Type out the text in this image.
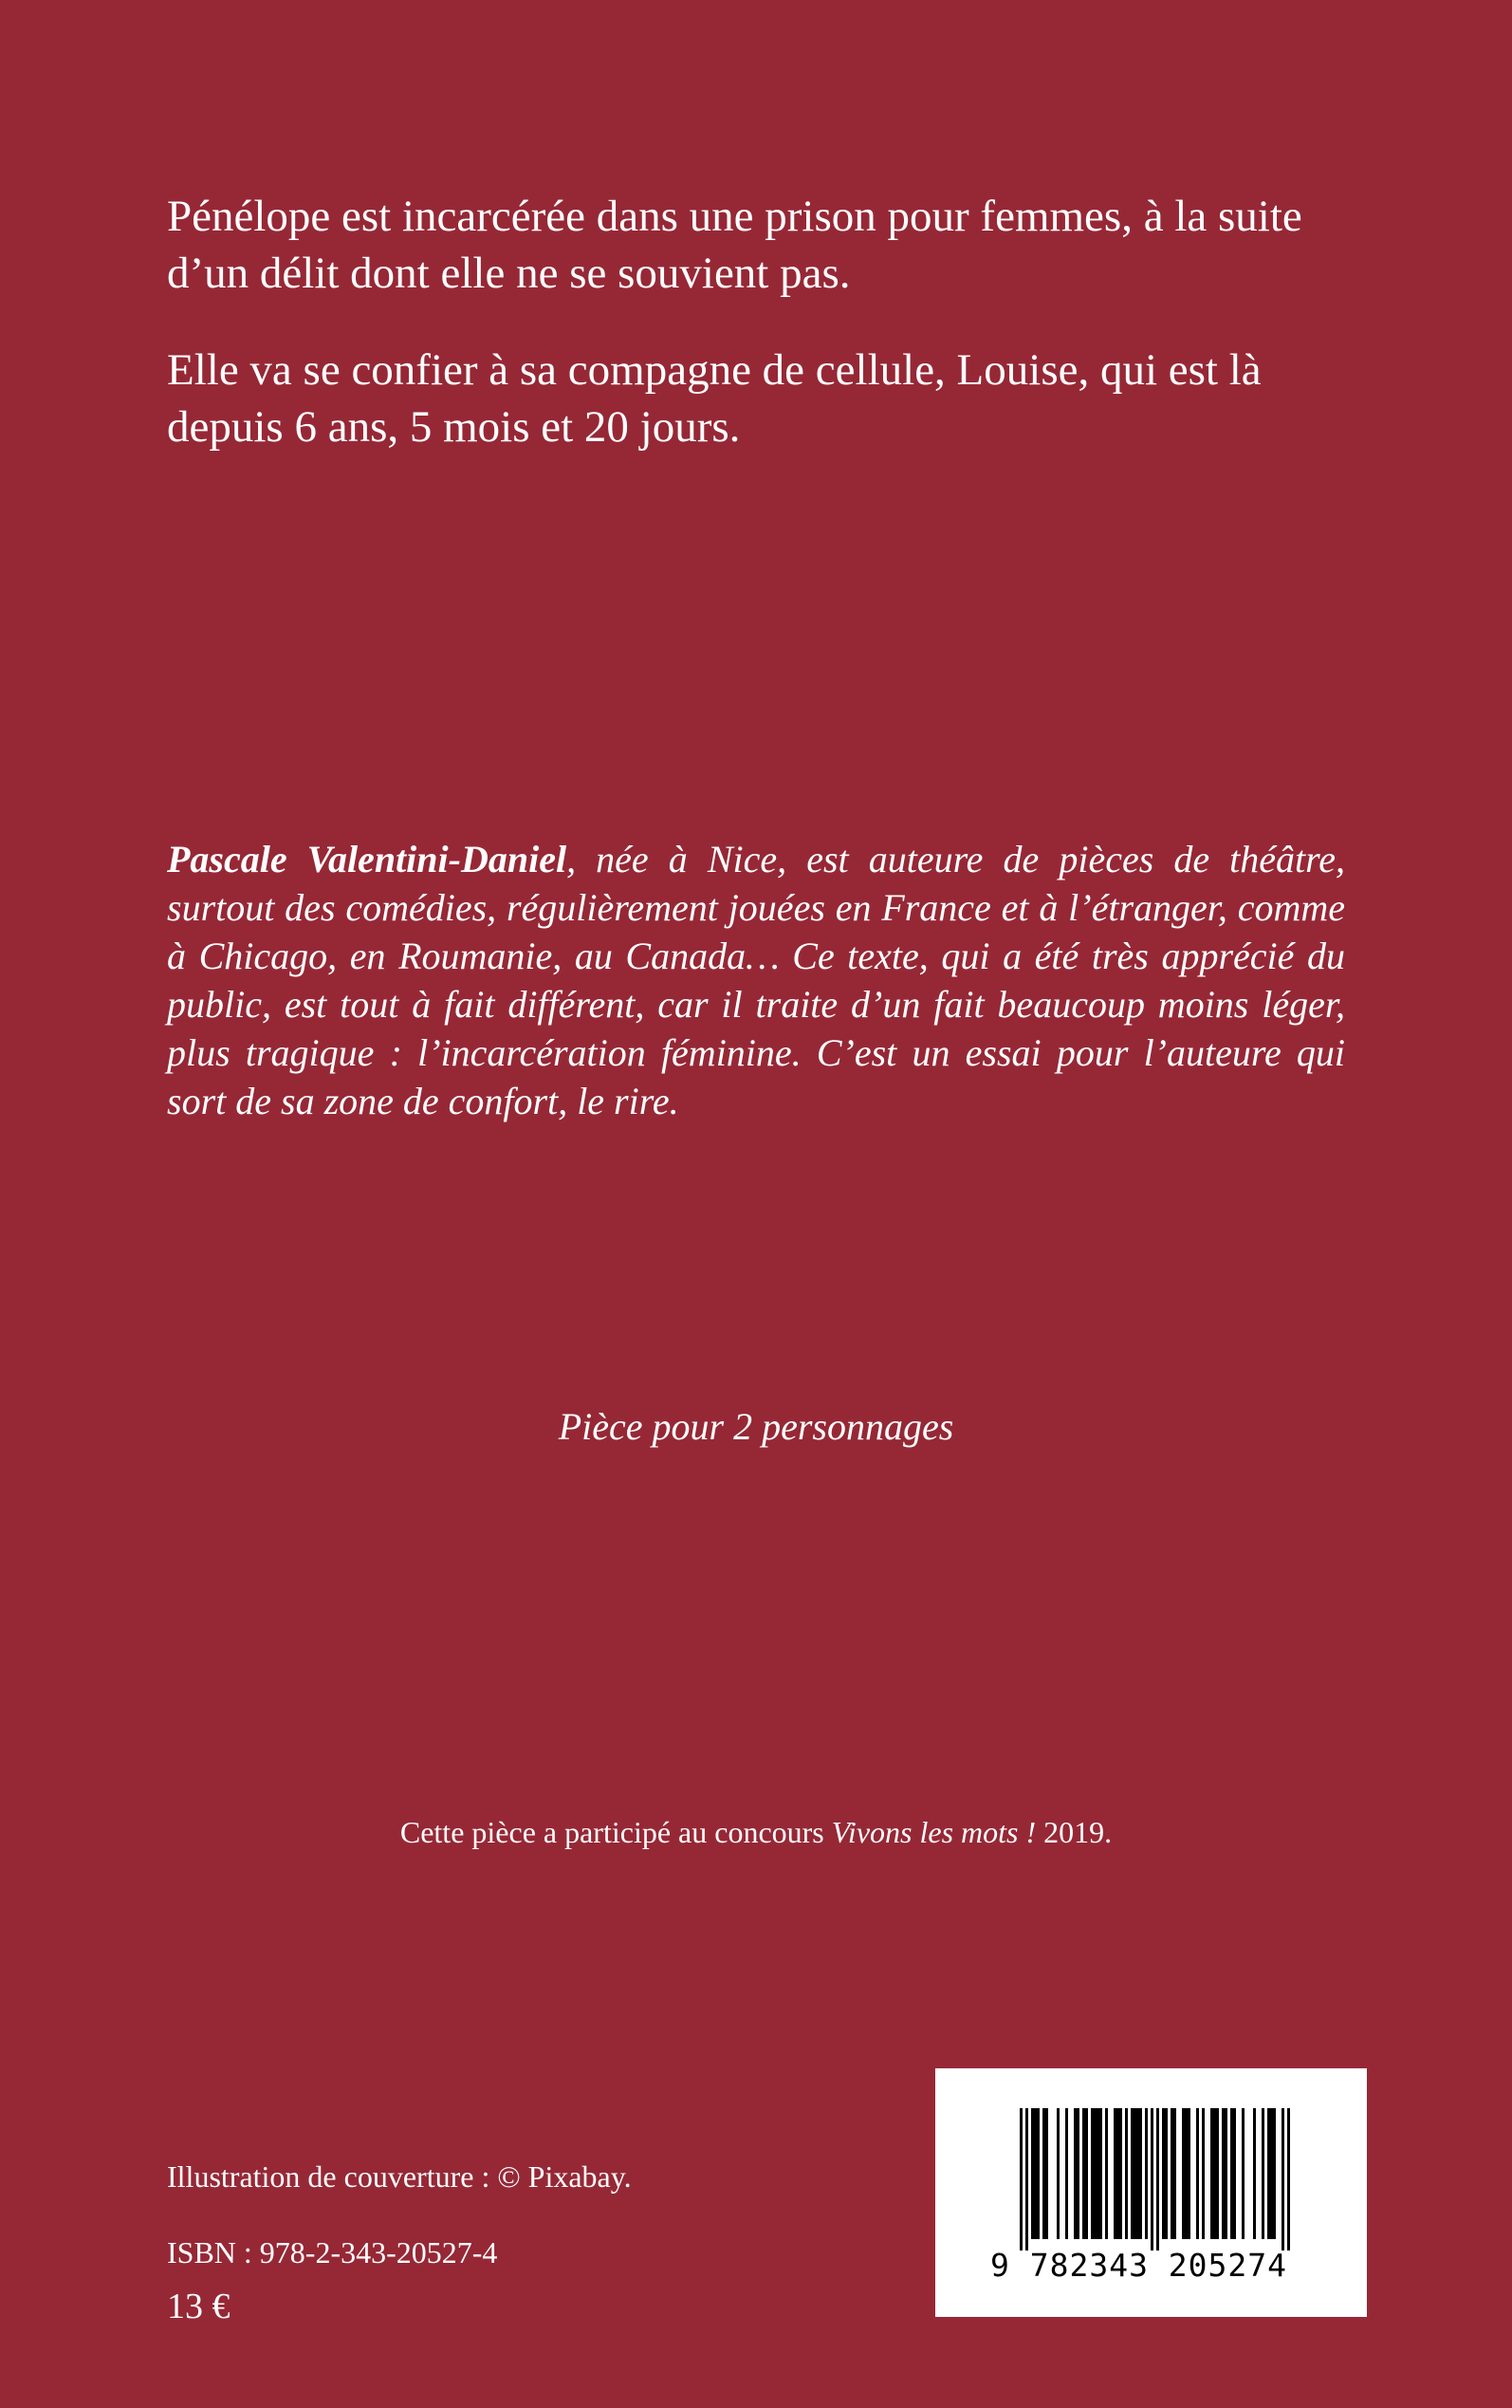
Pénélope est incarcérée dans une prison pour femmes, à la suite d’un délit dont elle ne se souvient pas.

Elle va se confier à sa compagne de cellule, Louise, qui est là depuis 6 ans, 5 mois et 20 jours.

Pascale Valentini-Daniel, née à Nice, est auteure de pièces de théâtre, surtout des comédies, régulièrement jouées en France et à l’étranger, comme à Chicago, en Roumanie, au Canada… Ce texte, qui a été très apprécié du public, est tout à fait différent, car il traite d’un fait beaucoup moins léger, plus tragique : l’incarcération féminine. C’est un essai pour l’auteure qui sort de sa zone de confort, le rire.

Pièce pour 2 personnages

Cette pièce a participé au concours Vivons les mots ! 2019.

Illustration de couverture : © Pixabay.

ISBN : 978-2-343-20527-4

13 €

9 782343 205274
